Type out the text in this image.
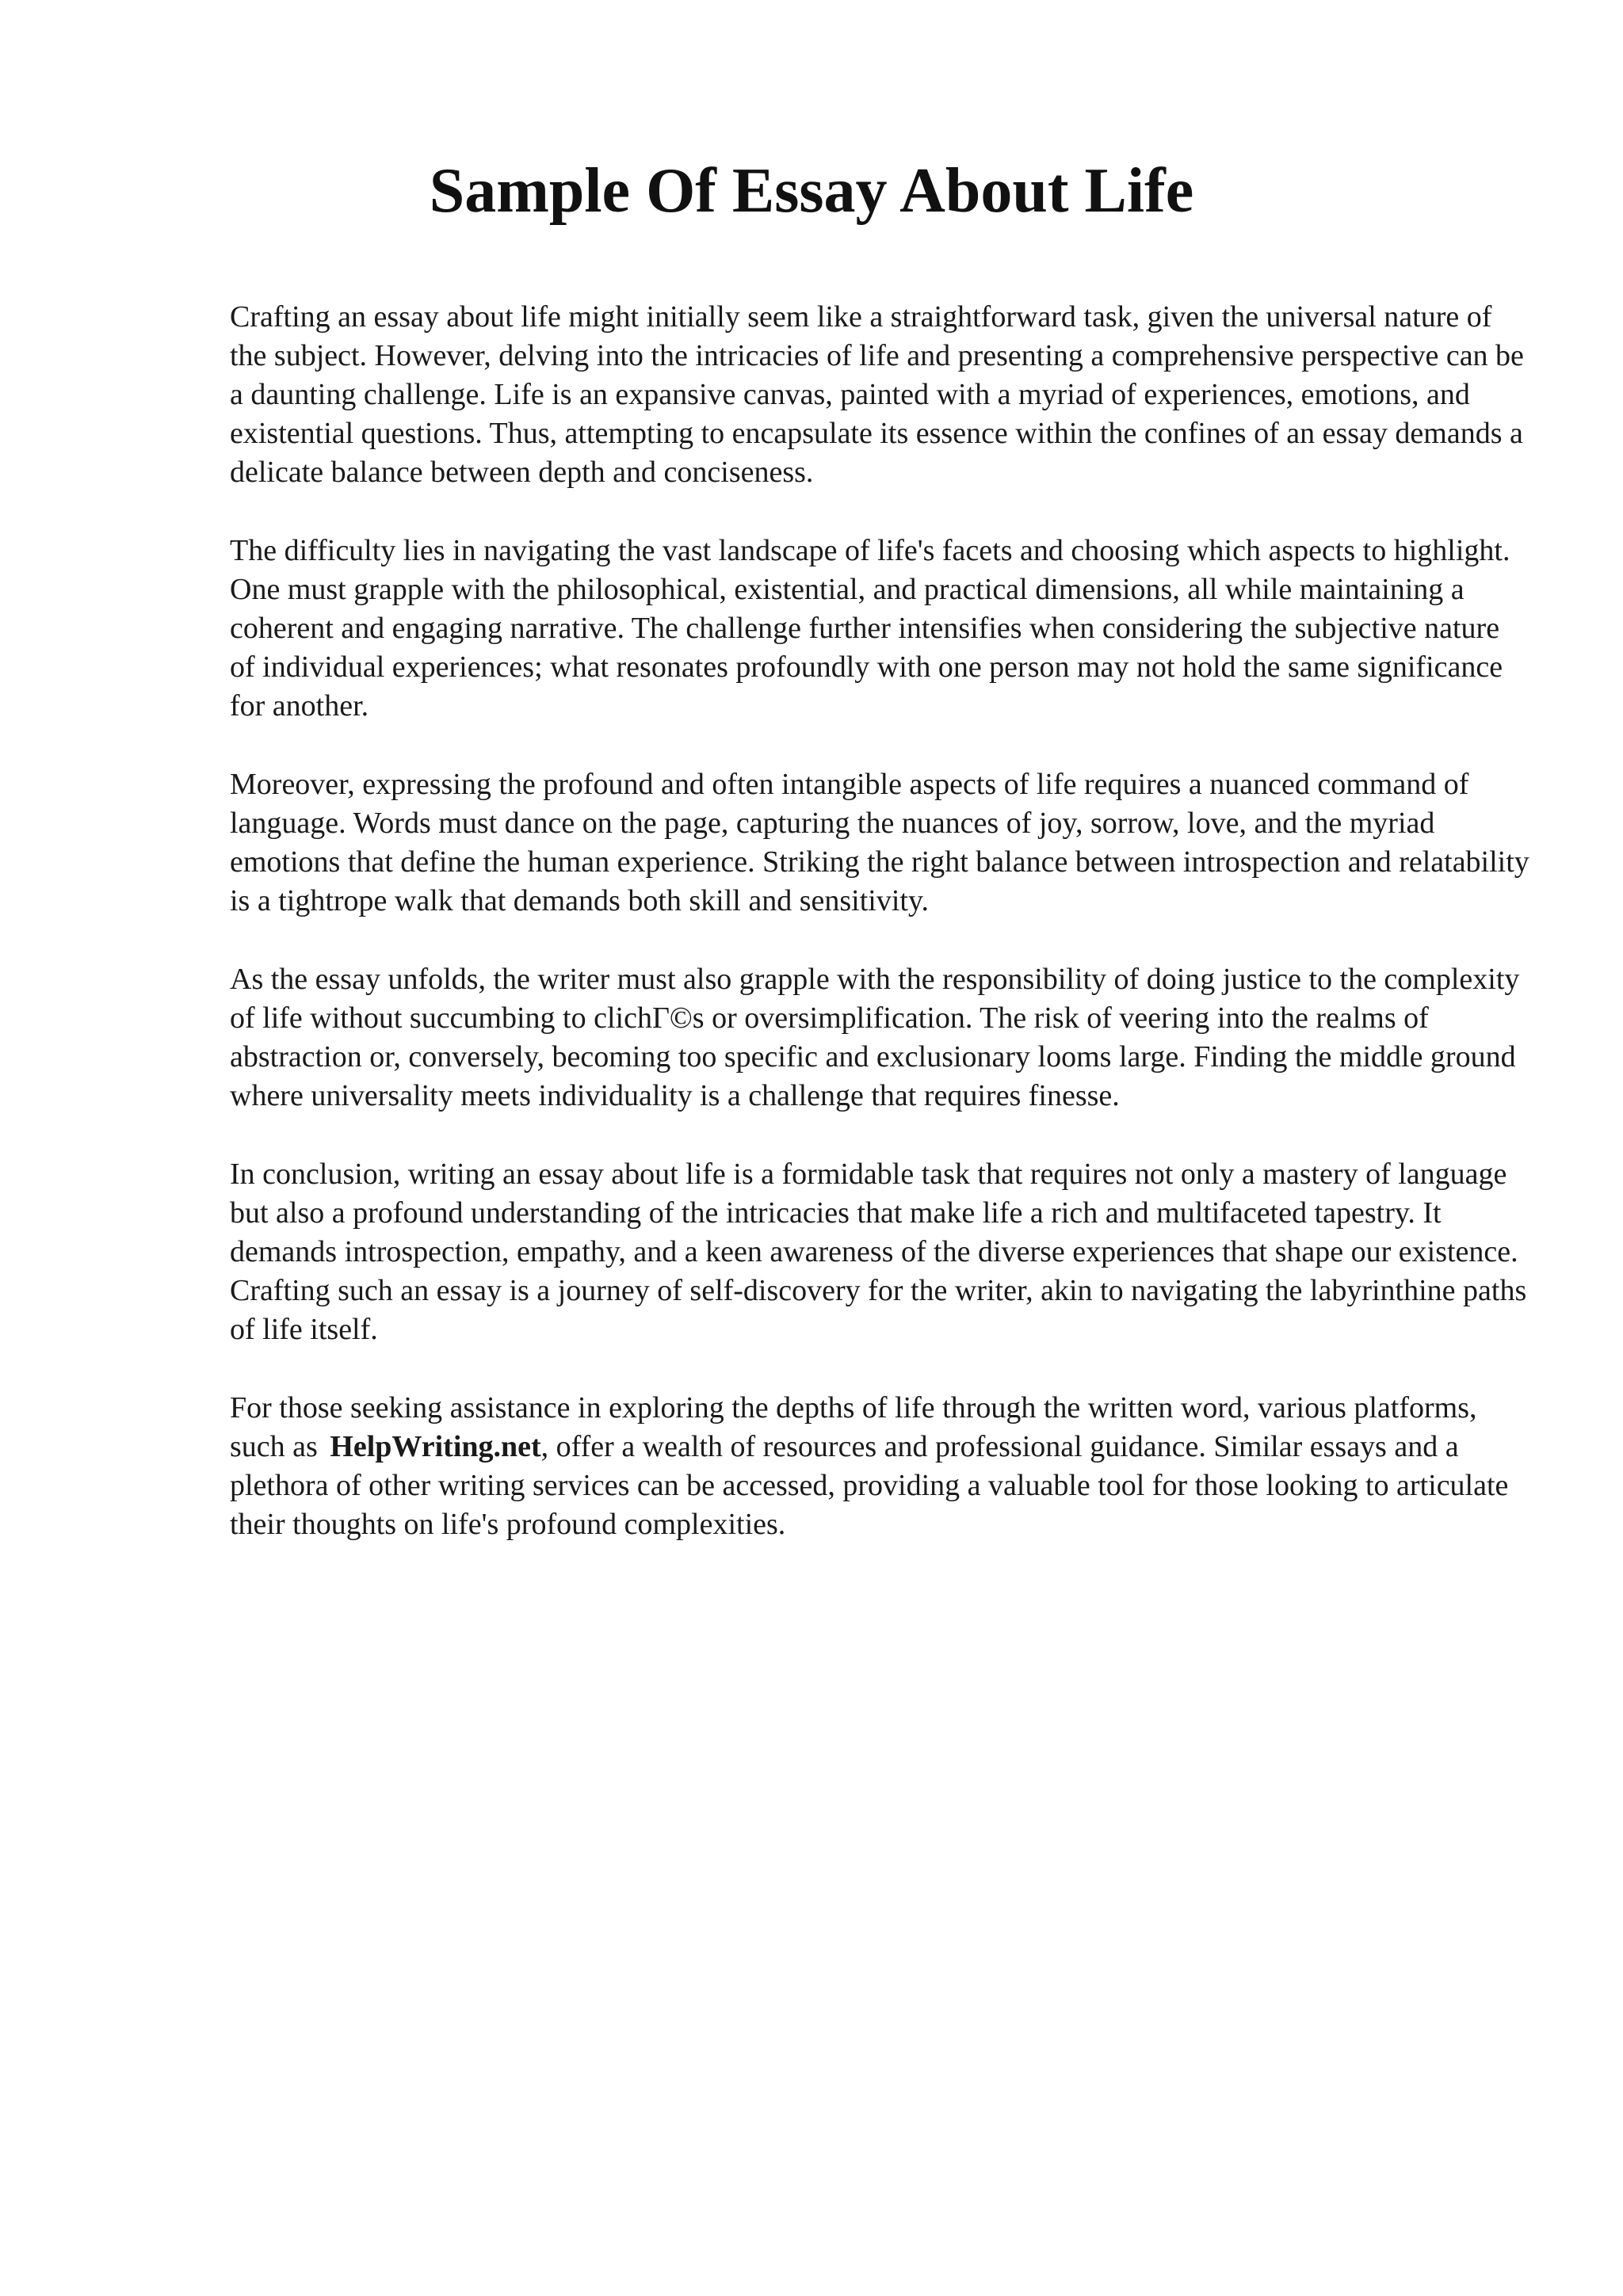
Sample Of Essay About Life

Crafting an essay about life might initially seem like a straightforward task, given the universal nature of the subject. However, delving into the intricacies of life and presenting a comprehensive perspective can be a daunting challenge. Life is an expansive canvas, painted with a myriad of experiences, emotions, and existential questions. Thus, attempting to encapsulate its essence within the confines of an essay demands a delicate balance between depth and conciseness.

The difficulty lies in navigating the vast landscape of life's facets and choosing which aspects to highlight. One must grapple with the philosophical, existential, and practical dimensions, all while maintaining a coherent and engaging narrative. The challenge further intensifies when considering the subjective nature of individual experiences; what resonates profoundly with one person may not hold the same significance for another.

Moreover, expressing the profound and often intangible aspects of life requires a nuanced command of language. Words must dance on the page, capturing the nuances of joy, sorrow, love, and the myriad emotions that define the human experience. Striking the right balance between introspection and relatability is a tightrope walk that demands both skill and sensitivity.

As the essay unfolds, the writer must also grapple with the responsibility of doing justice to the complexity of life without succumbing to clichΓ©s or oversimplification. The risk of veering into the realms of abstraction or, conversely, becoming too specific and exclusionary looms large. Finding the middle ground where universality meets individuality is a challenge that requires finesse.

In conclusion, writing an essay about life is a formidable task that requires not only a mastery of language but also a profound understanding of the intricacies that make life a rich and multifaceted tapestry. It demands introspection, empathy, and a keen awareness of the diverse experiences that shape our existence. Crafting such an essay is a journey of self-discovery for the writer, akin to navigating the labyrinthine paths of life itself.

For those seeking assistance in exploring the depths of life through the written word, various platforms, such as HelpWriting.net, offer a wealth of resources and professional guidance. Similar essays and a plethora of other writing services can be accessed, providing a valuable tool for those looking to articulate their thoughts on life's profound complexities.
